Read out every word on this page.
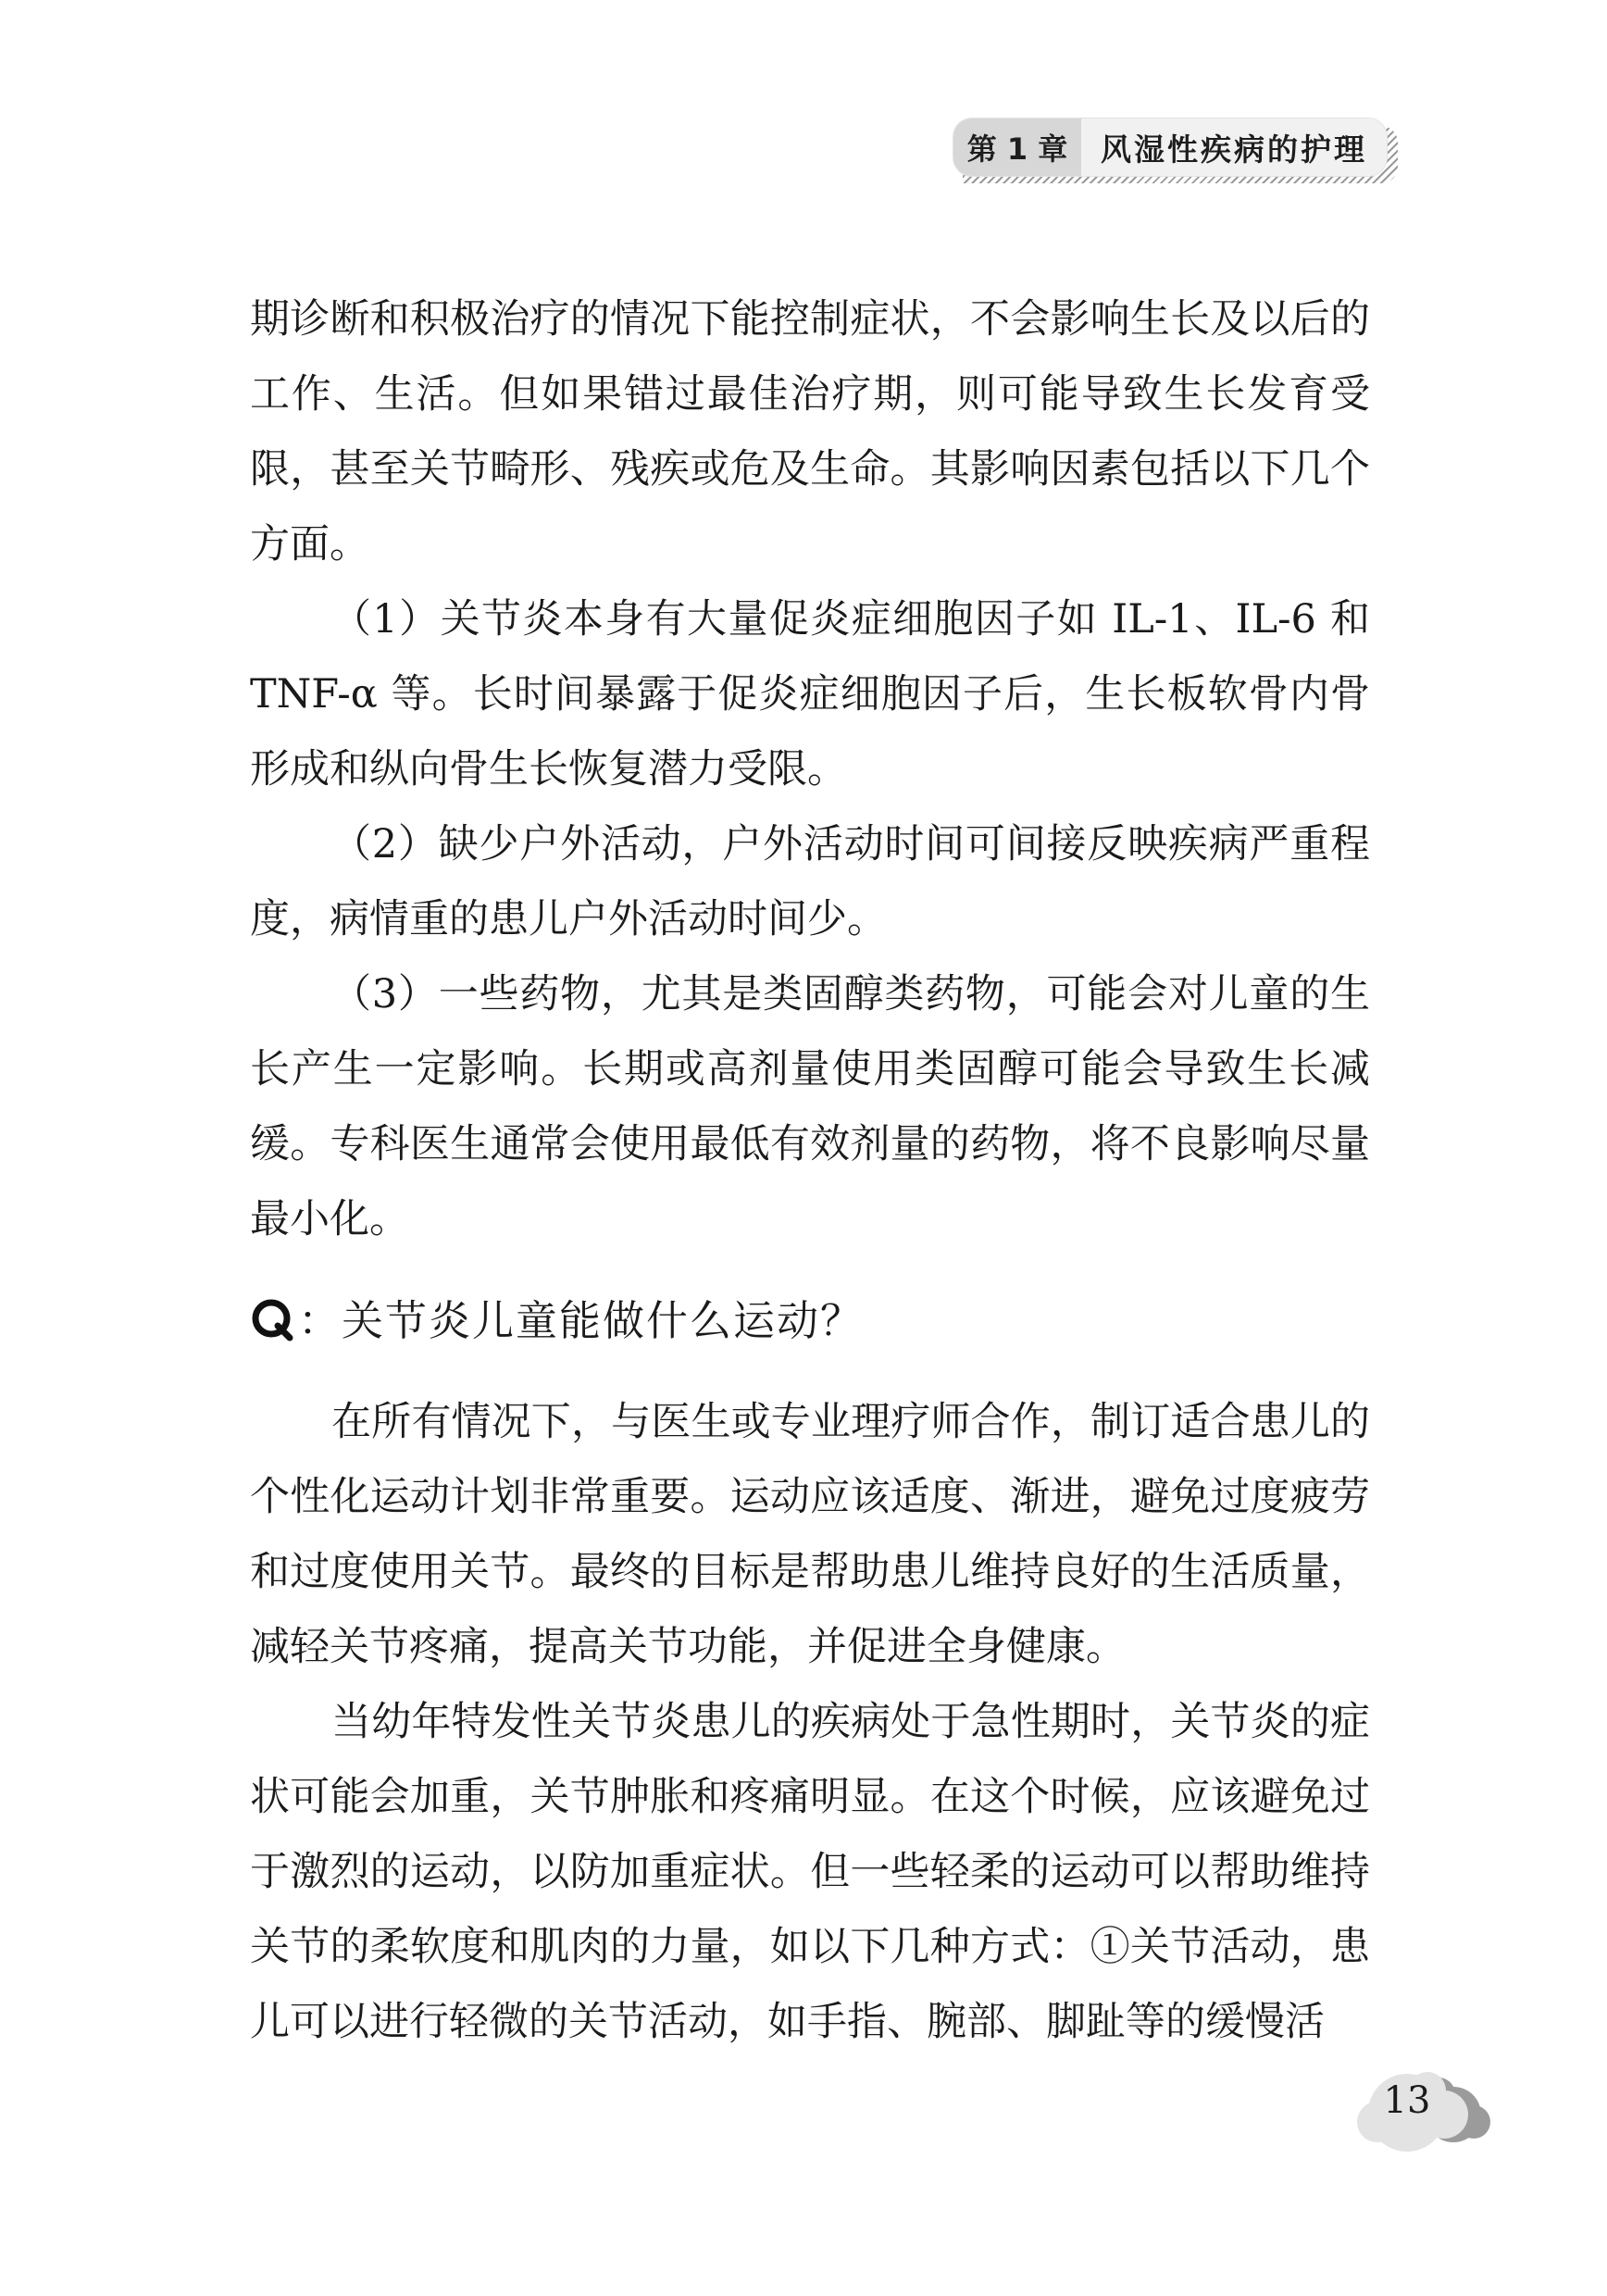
第 1 章	风湿性疾病的护理

期诊断和积极治疗的情况下能控制症状，不会影响生长及以后的工作、生活。但如果错过最佳治疗期，则可能导致生长发育受限，甚至关节畸形、残疾或危及生命。其影响因素包括以下几个方面。

（1）关节炎本身有大量促炎症细胞因子如 IL-1、IL-6 和 TNF-α 等。长时间暴露于促炎症细胞因子后，生长板软骨内骨形成和纵向骨生长恢复潜力受限。

（2）缺少户外活动，户外活动时间可间接反映疾病严重程度，病情重的患儿户外活动时间少。

（3）一些药物，尤其是类固醇类药物，可能会对儿童的生长产生一定影响。长期或高剂量使用类固醇可能会导致生长减缓。专科医生通常会使用最低有效剂量的药物，将不良影响尽量最小化。

： 关节炎儿童能做什么运动？

在所有情况下，与医生或专业理疗师合作，制订适合患儿的个性化运动计划非常重要。运动应该适度、渐进，避免过度疲劳和过度使用关节。最终的目标是帮助患儿维持良好的生活质量，减轻关节疼痛，提高关节功能，并促进全身健康。

当幼年特发性关节炎患儿的疾病处于急性期时，关节炎的症状可能会加重，关节肿胀和疼痛明显。在这个时候，应该避免过于激烈的运动，以防加重症状。但一些轻柔的运动可以帮助维持关节的柔软度和肌肉的力量，如以下几种方式：①关节活动，患儿可以进行轻微的关节活动，如手指、腕部、脚趾等的缓慢活

13
